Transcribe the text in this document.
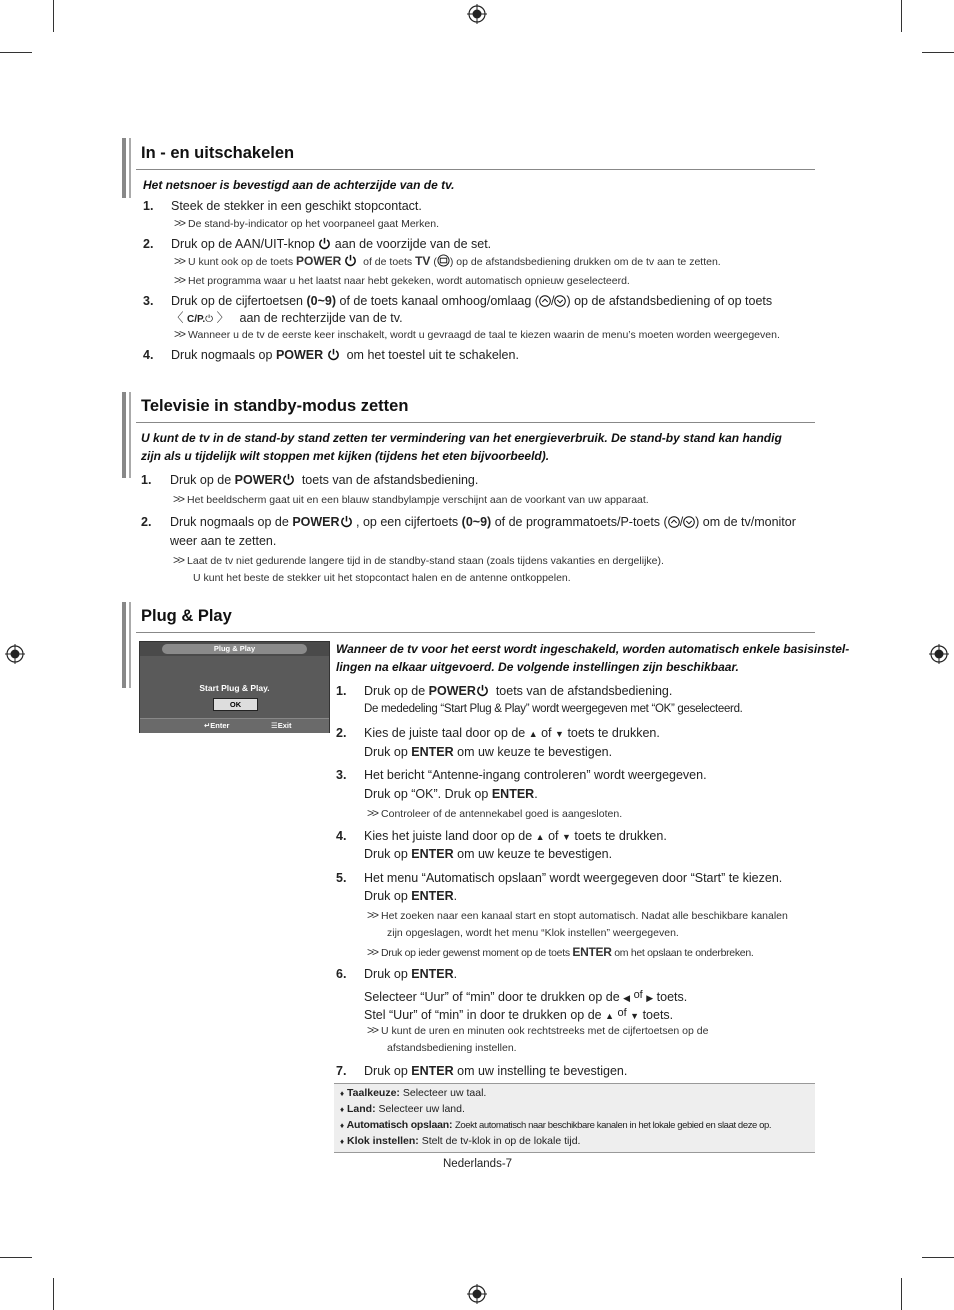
In - en uitschakelen
Het netsnoer is bevestigd aan de achterzijde van de tv.
1. Steek de stekker in een geschikt stopcontact.
>> De stand-by-indicator op het voorpaneel gaat Merken.
2. Druk op de AAN/UIT-knop aan de voorzijde van de set.
>> U kunt ook op de toets POWER of de toets TV ( ) op de afstandsbediening drukken om de tv aan te zetten.
>> Het programma waar u het laatst naar hebt gekeken, wordt automatisch opnieuw geselecteerd.
3. Druk op de cijfertoetsen (0~9) of de toets kanaal omhoog/omlaag ( / ) op de afstandsbediening of op toets
〈 C/P.⏻ 〉 aan de rechterzijde van de tv.
>> Wanneer u de tv de eerste keer inschakelt, wordt u gevraagd de taal te kiezen waarin de menu’s moeten worden weergegeven.
4. Druk nogmaals op POWER om het toestel uit te schakelen.
Televisie in standby-modus zetten
U kunt de tv in de stand-by stand zetten ter vermindering van het energieverbruik. De stand-by stand kan handig
zijn als u tijdelijk wilt stoppen met kijken (tijdens het eten bijvoorbeeld).
1. Druk op de POWER toets van de afstandsbediening.
>> Het beeldscherm gaat uit en een blauw standbylampje verschijnt aan de voorkant van uw apparaat.
2. Druk nogmaals op de POWER , op een cijfertoets (0~9) of de programmatoets/P-toets ( / ) om de tv/monitor
weer aan te zetten.
>> Laat de tv niet gedurende langere tijd in de standby-stand staan (zoals tijdens vakanties en dergelijke).
U kunt het beste de stekker uit het stopcontact halen en de antenne ontkoppelen.
Plug & Play
Plug & Play
Start Plug & Play.
OK
↵Enter	☰Exit
Wanneer de tv voor het eerst wordt ingeschakeld, worden automatisch enkele basisinstel-
lingen na elkaar uitgevoerd. De volgende instellingen zijn beschikbaar.
1. Druk op de POWER toets van de afstandsbediening.
De mededeling “Start Plug & Play” wordt weergegeven met “OK” geselecteerd.
2. Kies de juiste taal door op de ▲ of ▼ toets te drukken.
Druk op ENTER om uw keuze te bevestigen.
3. Het bericht “Antenne-ingang controleren” wordt weergegeven.
Druk op “OK”. Druk op ENTER.
>> Controleer of de antennekabel goed is aangesloten.
4. Kies het juiste land door op de ▲ of ▼ toets te drukken.
Druk op ENTER om uw keuze te bevestigen.
5. Het menu “Automatisch opslaan” wordt weergegeven door “Start” te kiezen.
Druk op ENTER.
>> Het zoeken naar een kanaal start en stopt automatisch. Nadat alle beschikbare kanalen
zijn opgeslagen, wordt het menu “Klok instellen” weergegeven.
>> Druk op ieder gewenst moment op de toets ENTER om het opslaan te onderbreken.
6. Druk op ENTER.
Selecteer “Uur” of “min” door te drukken op de ◀ of ▶ toets.
Stel “Uur” of “min” in door te drukken op de ▲ of ▼ toets.
>> U kunt de uren en minuten ook rechtstreeks met de cijfertoetsen op de
afstandsbediening instellen.
7. Druk op ENTER om uw instelling te bevestigen.
♦ Taalkeuze: Selecteer uw taal.
♦ Land: Selecteer uw land.
♦ Automatisch opslaan: Zoekt automatisch naar beschikbare kanalen in het lokale gebied en slaat deze op.
♦ Klok instellen: Stelt de tv-klok in op de lokale tijd.
Nederlands-7
